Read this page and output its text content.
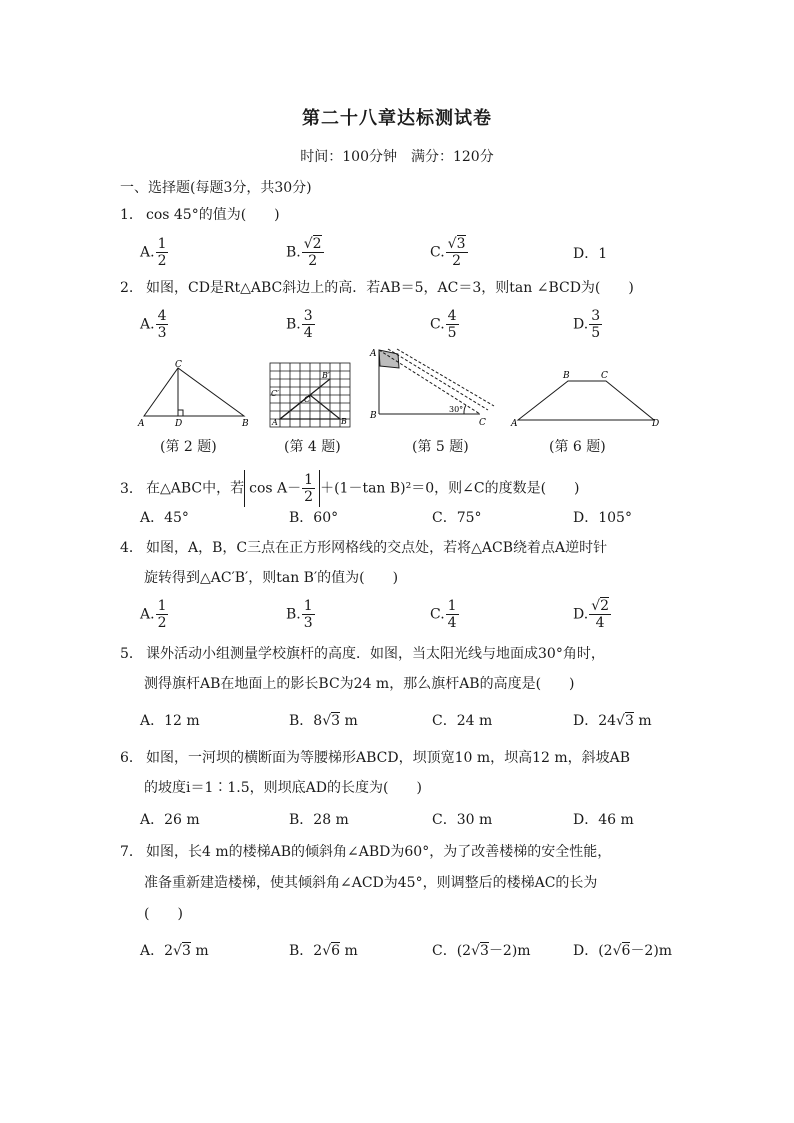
第二十八章达标测试卷
时间：100分钟　满分：120分
一、选择题(每题3分，共30分)
1． cos 45°的值为(　　)
A. $\frac{1}{2}$	B. $\frac{√2}{2}$	C. $\frac{√3}{2}$	D．1
2. 如图，CD是Rt△ABC斜边上的高．若AB＝5，AC＝3，则tan ∠BCD为(　　)
A. $\frac{4}{3}$	B. $\frac{3}{4}$	C. $\frac{4}{5}$	D. $\frac{3}{5}$
C
A	D	B
B′
C′
C
A	B
A
B
C
30°
B	C
A	D
(第 2 题)	(第 4 题)	(第 5 题)	(第 6 题)
3． 在△ABC中，若 $\cos A- \frac{1}{2} +(1-\tan$ B)²＝0，则∠C的度数是(　　)
A．45°	B．60°	C．75°	D．105°
4． 如图，A，B，C三点在正方形网格线的交点处，若将△ACB绕着点A逆时针
旋转得到△AC′B′，则tan B′的值为(　　)
A. $\frac{1}{2}$	B. $\frac{1}{3}$	C. $\frac{1}{4}$	D. $\frac{√2}{4}$
5． 课外活动小组测量学校旗杆的高度．如图，当太阳光线与地面成30°角时，
测得旗杆AB在地面上的影长BC为24 m，那么旗杆AB的高度是(　　)
A．12 m	B．8√3 m	C．24 m	D．24√3 m
6． 如图，一河坝的横断面为等腰梯形ABCD，坝顶宽10 m，坝高12 m，斜坡AB
的坡度i＝1∶1.5，则坝底AD的长度为(　　)
A．26 m	B．28 m	C．30 m	D．46 m
7． 如图，长4 m的楼梯AB的倾斜角∠ABD为60°，为了改善楼梯的安全性能，
准备重新建造楼梯，使其倾斜角∠ACD为45°，则调整后的楼梯AC的长为
(　　)
A．2√3 m	B．2√6 m	C．(2√3－2)m	D．(2√6－2)m
